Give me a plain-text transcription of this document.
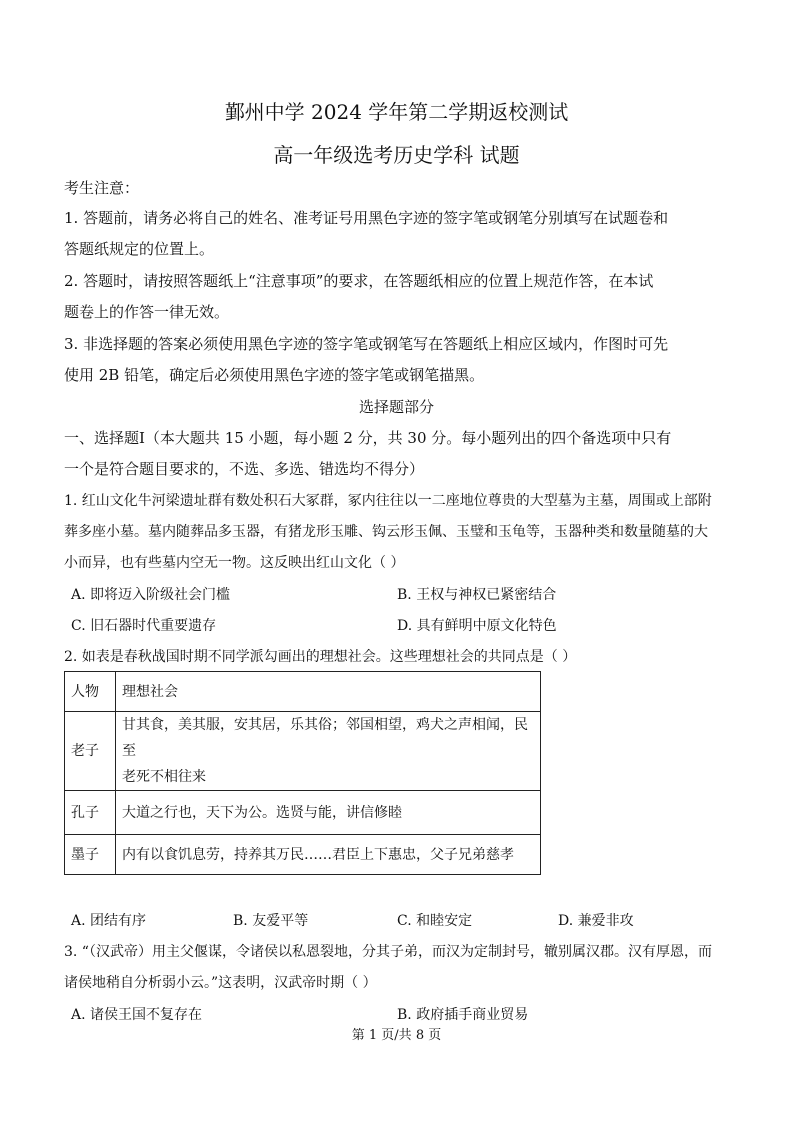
鄞州中学 2024 学年第二学期返校测试
高一年级选考历史学科 试题
考生注意：
1. 答题前，请务必将自己的姓名、准考证号用黑色字迹的签字笔或钢笔分别填写在试题卷和
答题纸规定的位置上。
2. 答题时，请按照答题纸上“注意事项”的要求，在答题纸相应的位置上规范作答，在本试
题卷上的作答一律无效。
3. 非选择题的答案必须使用黑色字迹的签字笔或钢笔写在答题纸上相应区域内，作图时可先
使用 2B 铅笔，确定后必须使用黑色字迹的签字笔或钢笔描黑。
选择题部分
一、选择题Ⅰ（本大题共 15 小题，每小题 2 分，共 30 分。每小题列出的四个备选项中只有
一个是符合题目要求的，不选、多选、错选均不得分）
1. 红山文化牛河梁遗址群有数处积石大冢群，冢内往往以一二座地位尊贵的大型墓为主墓，周围或上部附
葬多座小墓。墓内随葬品多玉器，有猪龙形玉雕、钩云形玉佩、玉璧和玉龟等，玉器种类和数量随墓的大
小而异，也有些墓内空无一物。这反映出红山文化（ ）
A. 即将迈入阶级社会门槛	B. 王权与神权已紧密结合
C. 旧石器时代重要遗存	D. 具有鲜明中原文化特色
2. 如表是春秋战国时期不同学派勾画出的理想社会。这些理想社会的共同点是（ ）
人物	理想社会
老子	甘其食，美其服，安其居，乐其俗；邻国相望，鸡犬之声相闻，民至
老死不相往来

孔子	大道之行也，天下为公。选贤与能，讲信修睦
墨子	内有以食饥息劳，持养其万民……君臣上下惠忠，父子兄弟慈孝
A. 团结有序	B. 友爱平等	C. 和睦安定	D. 兼爱非攻
3. “（汉武帝）用主父偃谋，令诸侯以私恩裂地，分其子弟，而汉为定制封号，辙别属汉郡。汉有厚恩，而
诸侯地稍自分析弱小云。”这表明，汉武帝时期（ ）
A. 诸侯王国不复存在	B. 政府插手商业贸易
第 1 页/共 8 页
